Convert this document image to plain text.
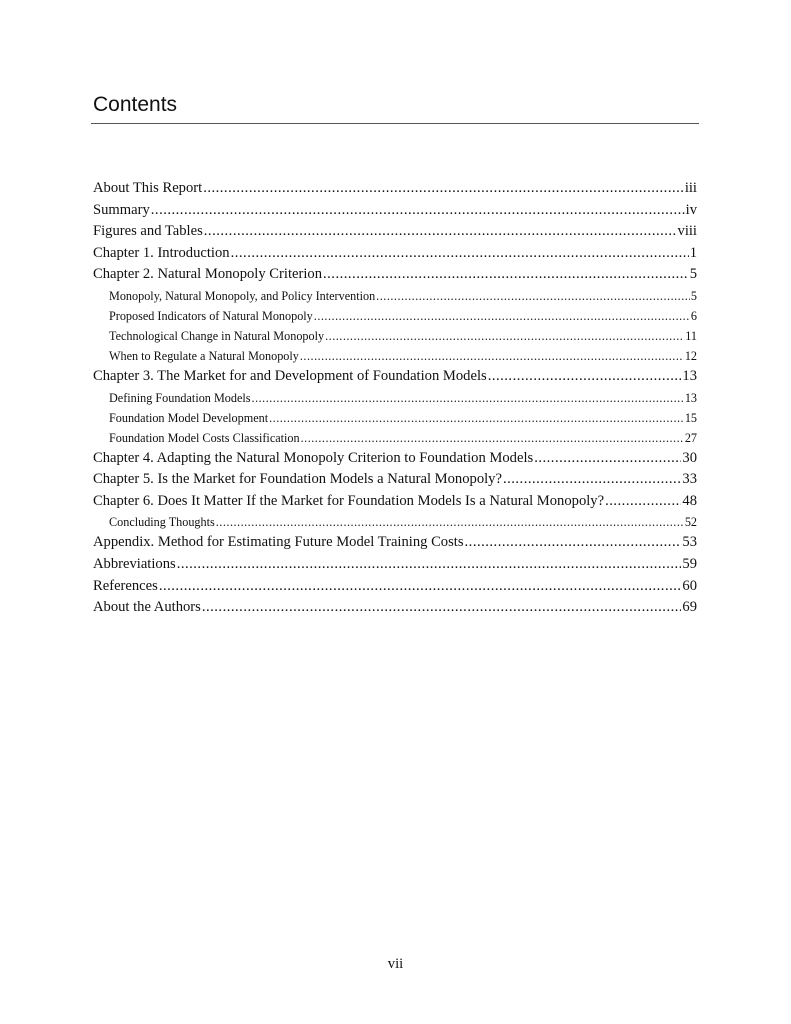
Contents
About This Report .....	iii
Summary .....	iv
Figures and Tables .....	viii
Chapter 1. Introduction .....	1
Chapter 2. Natural Monopoly Criterion .....	5
Monopoly, Natural Monopoly, and Policy Intervention .....	5
Proposed Indicators of Natural Monopoly .....	6
Technological Change in Natural Monopoly .....	11
When to Regulate a Natural Monopoly .....	12
Chapter 3. The Market for and Development of Foundation Models .....	13
Defining Foundation Models .....	13
Foundation Model Development .....	15
Foundation Model Costs Classification .....	27
Chapter 4. Adapting the Natural Monopoly Criterion to Foundation Models .....	30
Chapter 5. Is the Market for Foundation Models a Natural Monopoly? .....	33
Chapter 6. Does It Matter If the Market for Foundation Models Is a Natural Monopoly? .....	48
Concluding Thoughts .....	52
Appendix. Method for Estimating Future Model Training Costs .....	53
Abbreviations .....	59
References .....	60
About the Authors .....	69
vii
